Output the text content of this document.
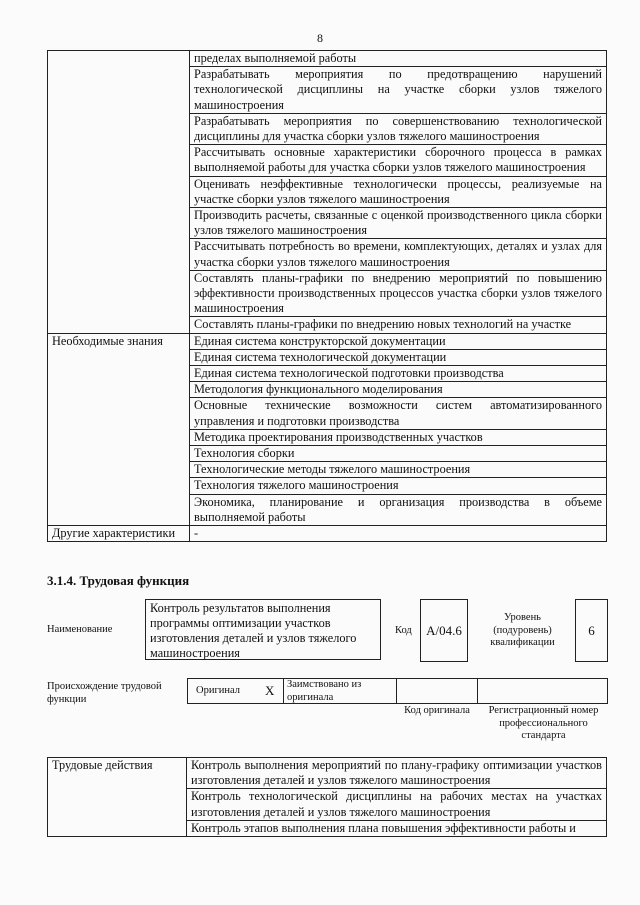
8
	пределах выполняемой работы
	Разрабатывать мероприятия по предотвращению нарушений технологической дисциплины на участке сборки узлов тяжелого машиностроения
	Разрабатывать мероприятия по совершенствованию технологической дисциплины для участка сборки узлов тяжелого машиностроения
	Рассчитывать основные характеристики сборочного процесса в рамках выполняемой работы для участка сборки узлов тяжелого машиностроения
	Оценивать неэффективные технологически процессы, реализуемые на участке сборки узлов тяжелого машиностроения
	Производить расчеты, связанные с оценкой производственного цикла сборки узлов тяжелого машиностроения
	Рассчитывать потребность во времени, комплектующих, деталях и узлах для участка сборки узлов тяжелого машиностроения
	Составлять планы-графики по внедрению мероприятий по повышению эффективности производственных процессов участка сборки узлов тяжелого машиностроения
	Составлять планы-графики по внедрению новых технологий на участке
Необходимые знания	Единая система конструкторской документации
	Единая система технологической документации
	Единая система технологической подготовки производства
	Методология функционального моделирования
	Основные технические возможности систем автоматизированного управления и подготовки производства
	Методика проектирования производственных участков
	Технология сборки
	Технологические методы тяжелого машиностроения
	Технология тяжелого машиностроения
	Экономика, планирование и организация производства в объеме выполняемой работы
Другие характеристики	-
3.1.4. Трудовая функция
Наименование
Контроль результатов выполнения программы оптимизации участков изготовления деталей и узлов тяжелого машиностроения
Код A/04.6
Уровень (подуровень) квалификации
6
Происхождение трудовой функции
Оригинал X	Заимствовано из оригинала
Код оригинала	Регистрационный номер профессионального стандарта
Трудовые действия	Контроль выполнения мероприятий по плану-графику оптимизации участков изготовления деталей и узлов тяжелого машиностроения
Контроль технологической дисциплины на рабочих местах на участках изготовления деталей и узлов тяжелого машиностроения
Контроль этапов выполнения плана повышения эффективности работы и
